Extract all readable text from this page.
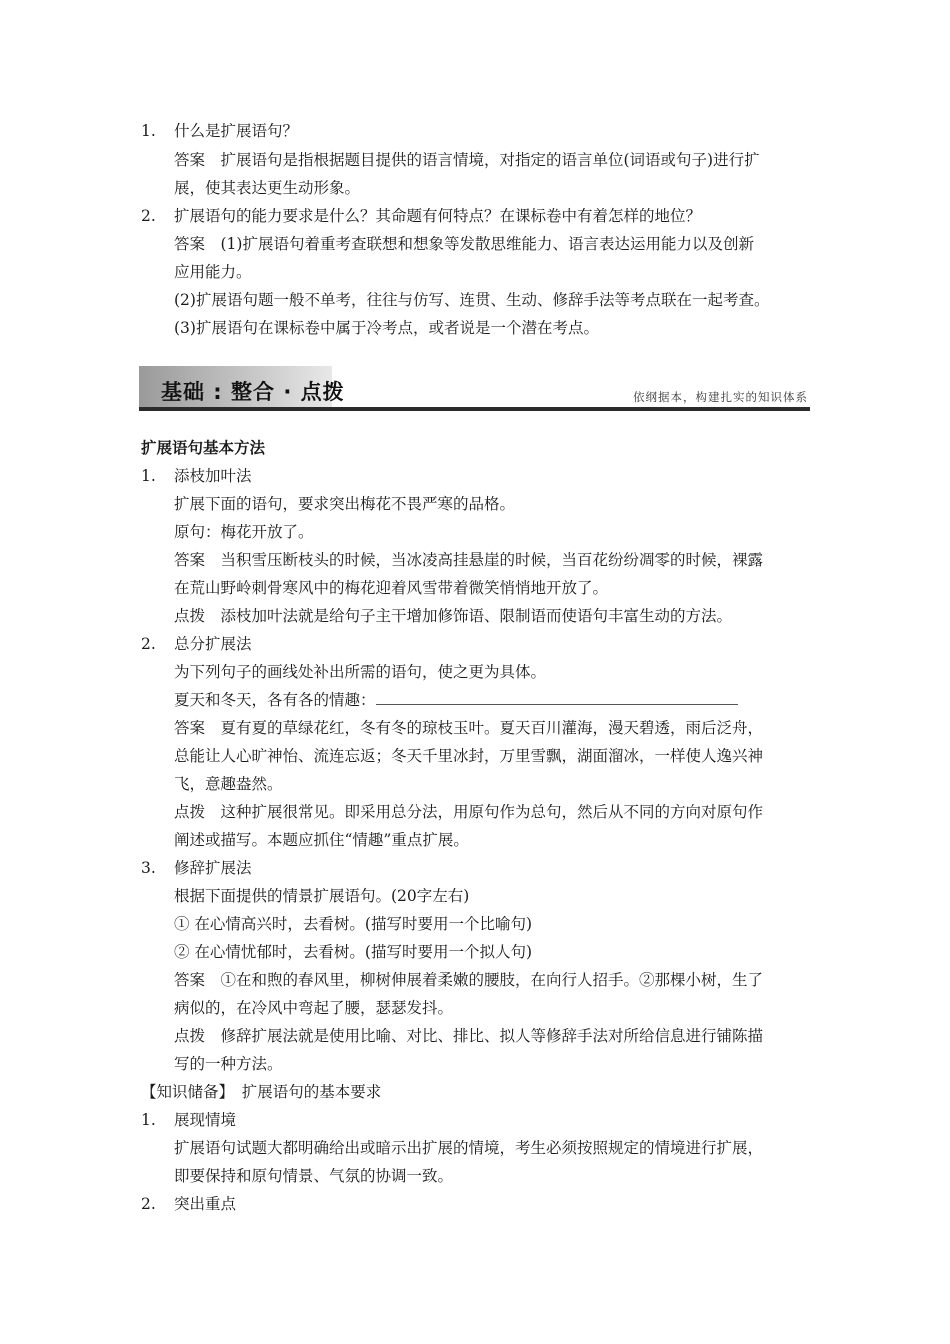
1. 什么是扩展语句？
答案　扩展语句是指根据题目提供的语言情境，对指定的语言单位(词语或句子)进行扩
展，使其表达更生动形象。
2. 扩展语句的能力要求是什么？其命题有何特点？在课标卷中有着怎样的地位？
答案　(1)扩展语句着重考查联想和想象等发散思维能力、语言表达运用能力以及创新
应用能力。
(2)扩展语句题一般不单考，往往与仿写、连贯、生动、修辞手法等考点联在一起考查。
(3)扩展语句在课标卷中属于冷考点，或者说是一个潜在考点。
基础 : 整合 · 点拨	依纲据本，构建扎实的知识体系
扩展语句基本方法
1. 添枝加叶法
扩展下面的语句，要求突出梅花不畏严寒的品格。
原句：梅花开放了。
答案　当积雪压断枝头的时候，当冰凌高挂悬崖的时候，当百花纷纷凋零的时候，裸露
在荒山野岭刺骨寒风中的梅花迎着风雪带着微笑悄悄地开放了。
点拨　添枝加叶法就是给句子主干增加修饰语、限制语而使语句丰富生动的方法。
2. 总分扩展法
为下列句子的画线处补出所需的语句，使之更为具体。
夏天和冬天，各有各的情趣：
答案　夏有夏的草绿花红，冬有冬的琼枝玉叶。夏天百川灌海，漫天碧透，雨后泛舟，
总能让人心旷神怡、流连忘返；冬天千里冰封，万里雪飘，湖面溜冰，一样使人逸兴神
飞，意趣盎然。
点拨　这种扩展很常见。即采用总分法，用原句作为总句，然后从不同的方向对原句作
阐述或描写。本题应抓住“情趣”重点扩展。
3. 修辞扩展法
根据下面提供的情景扩展语句。(20字左右)
① 在心情高兴时，去看树。(描写时要用一个比喻句)
② 在心情忧郁时，去看树。(描写时要用一个拟人句)
答案　①在和煦的春风里，柳树伸展着柔嫩的腰肢，在向行人招手。②那棵小树，生了
病似的，在冷风中弯起了腰，瑟瑟发抖。
点拨　修辞扩展法就是使用比喻、对比、排比、拟人等修辞手法对所给信息进行铺陈描
写的一种方法。
【知识储备】　扩展语句的基本要求
1. 展现情境
扩展语句试题大都明确给出或暗示出扩展的情境，考生必须按照规定的情境进行扩展，
即要保持和原句情景、气氛的协调一致。
2. 突出重点
